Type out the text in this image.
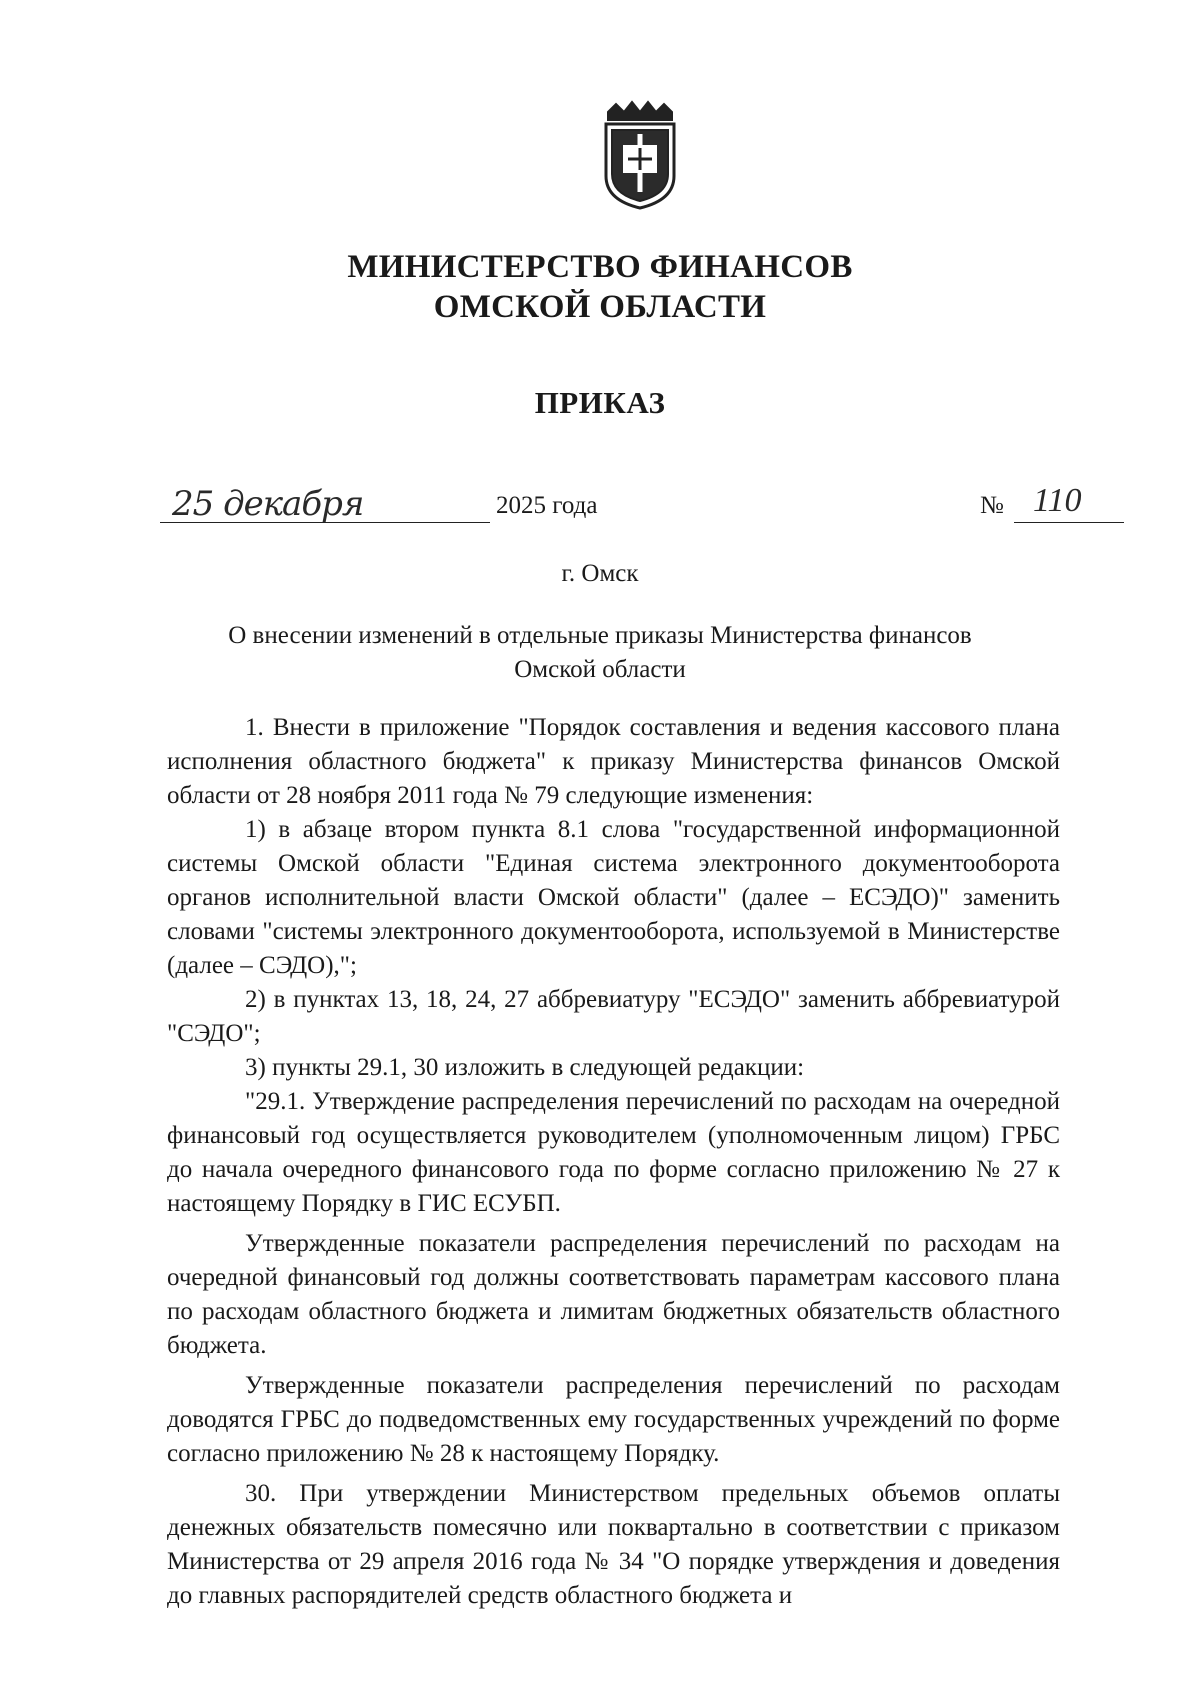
МИНИСТЕРСТВО ФИНАНСОВ
ОМСКОЙ ОБЛАСТИ
ПРИКАЗ
25 декабря	2025 года	№ 110
г. Омск
О внесении изменений в отдельные приказы Министерства финансов
Омской области

1. Внести в приложение "Порядок составления и ведения кассового плана исполнения областного бюджета" к приказу Министерства финансов Омской области от 28 ноября 2011 года № 79 следующие изменения:

1) в абзаце втором пункта 8.1 слова "государственной информационной системы Омской области "Единая система электронного документооборота органов исполнительной власти Омской области" (далее – ЕСЭДО)" заменить словами "системы электронного документооборота, используемой в Министерстве (далее – СЭДО),";

2) в пунктах 13, 18, 24, 27 аббревиатуру "ЕСЭДО" заменить аббревиатурой "СЭДО";

3) пункты 29.1, 30 изложить в следующей редакции:

"29.1. Утверждение распределения перечислений по расходам на очередной финансовый год осуществляется руководителем (уполномоченным лицом) ГРБС до начала очередного финансового года по форме согласно приложению № 27 к настоящему Порядку в ГИС ЕСУБП.

Утвержденные показатели распределения перечислений по расходам на очередной финансовый год должны соответствовать параметрам кассового плана по расходам областного бюджета и лимитам бюджетных обязательств областного бюджета.

Утвержденные показатели распределения перечислений по расходам доводятся ГРБС до подведомственных ему государственных учреждений по форме согласно приложению № 28 к настоящему Порядку.

30. При утверждении Министерством предельных объемов оплаты денежных обязательств помесячно или поквартально в соответствии с приказом Министерства от 29 апреля 2016 года № 34 "О порядке утверждения и доведения до главных распорядителей средств областного бюджета и
